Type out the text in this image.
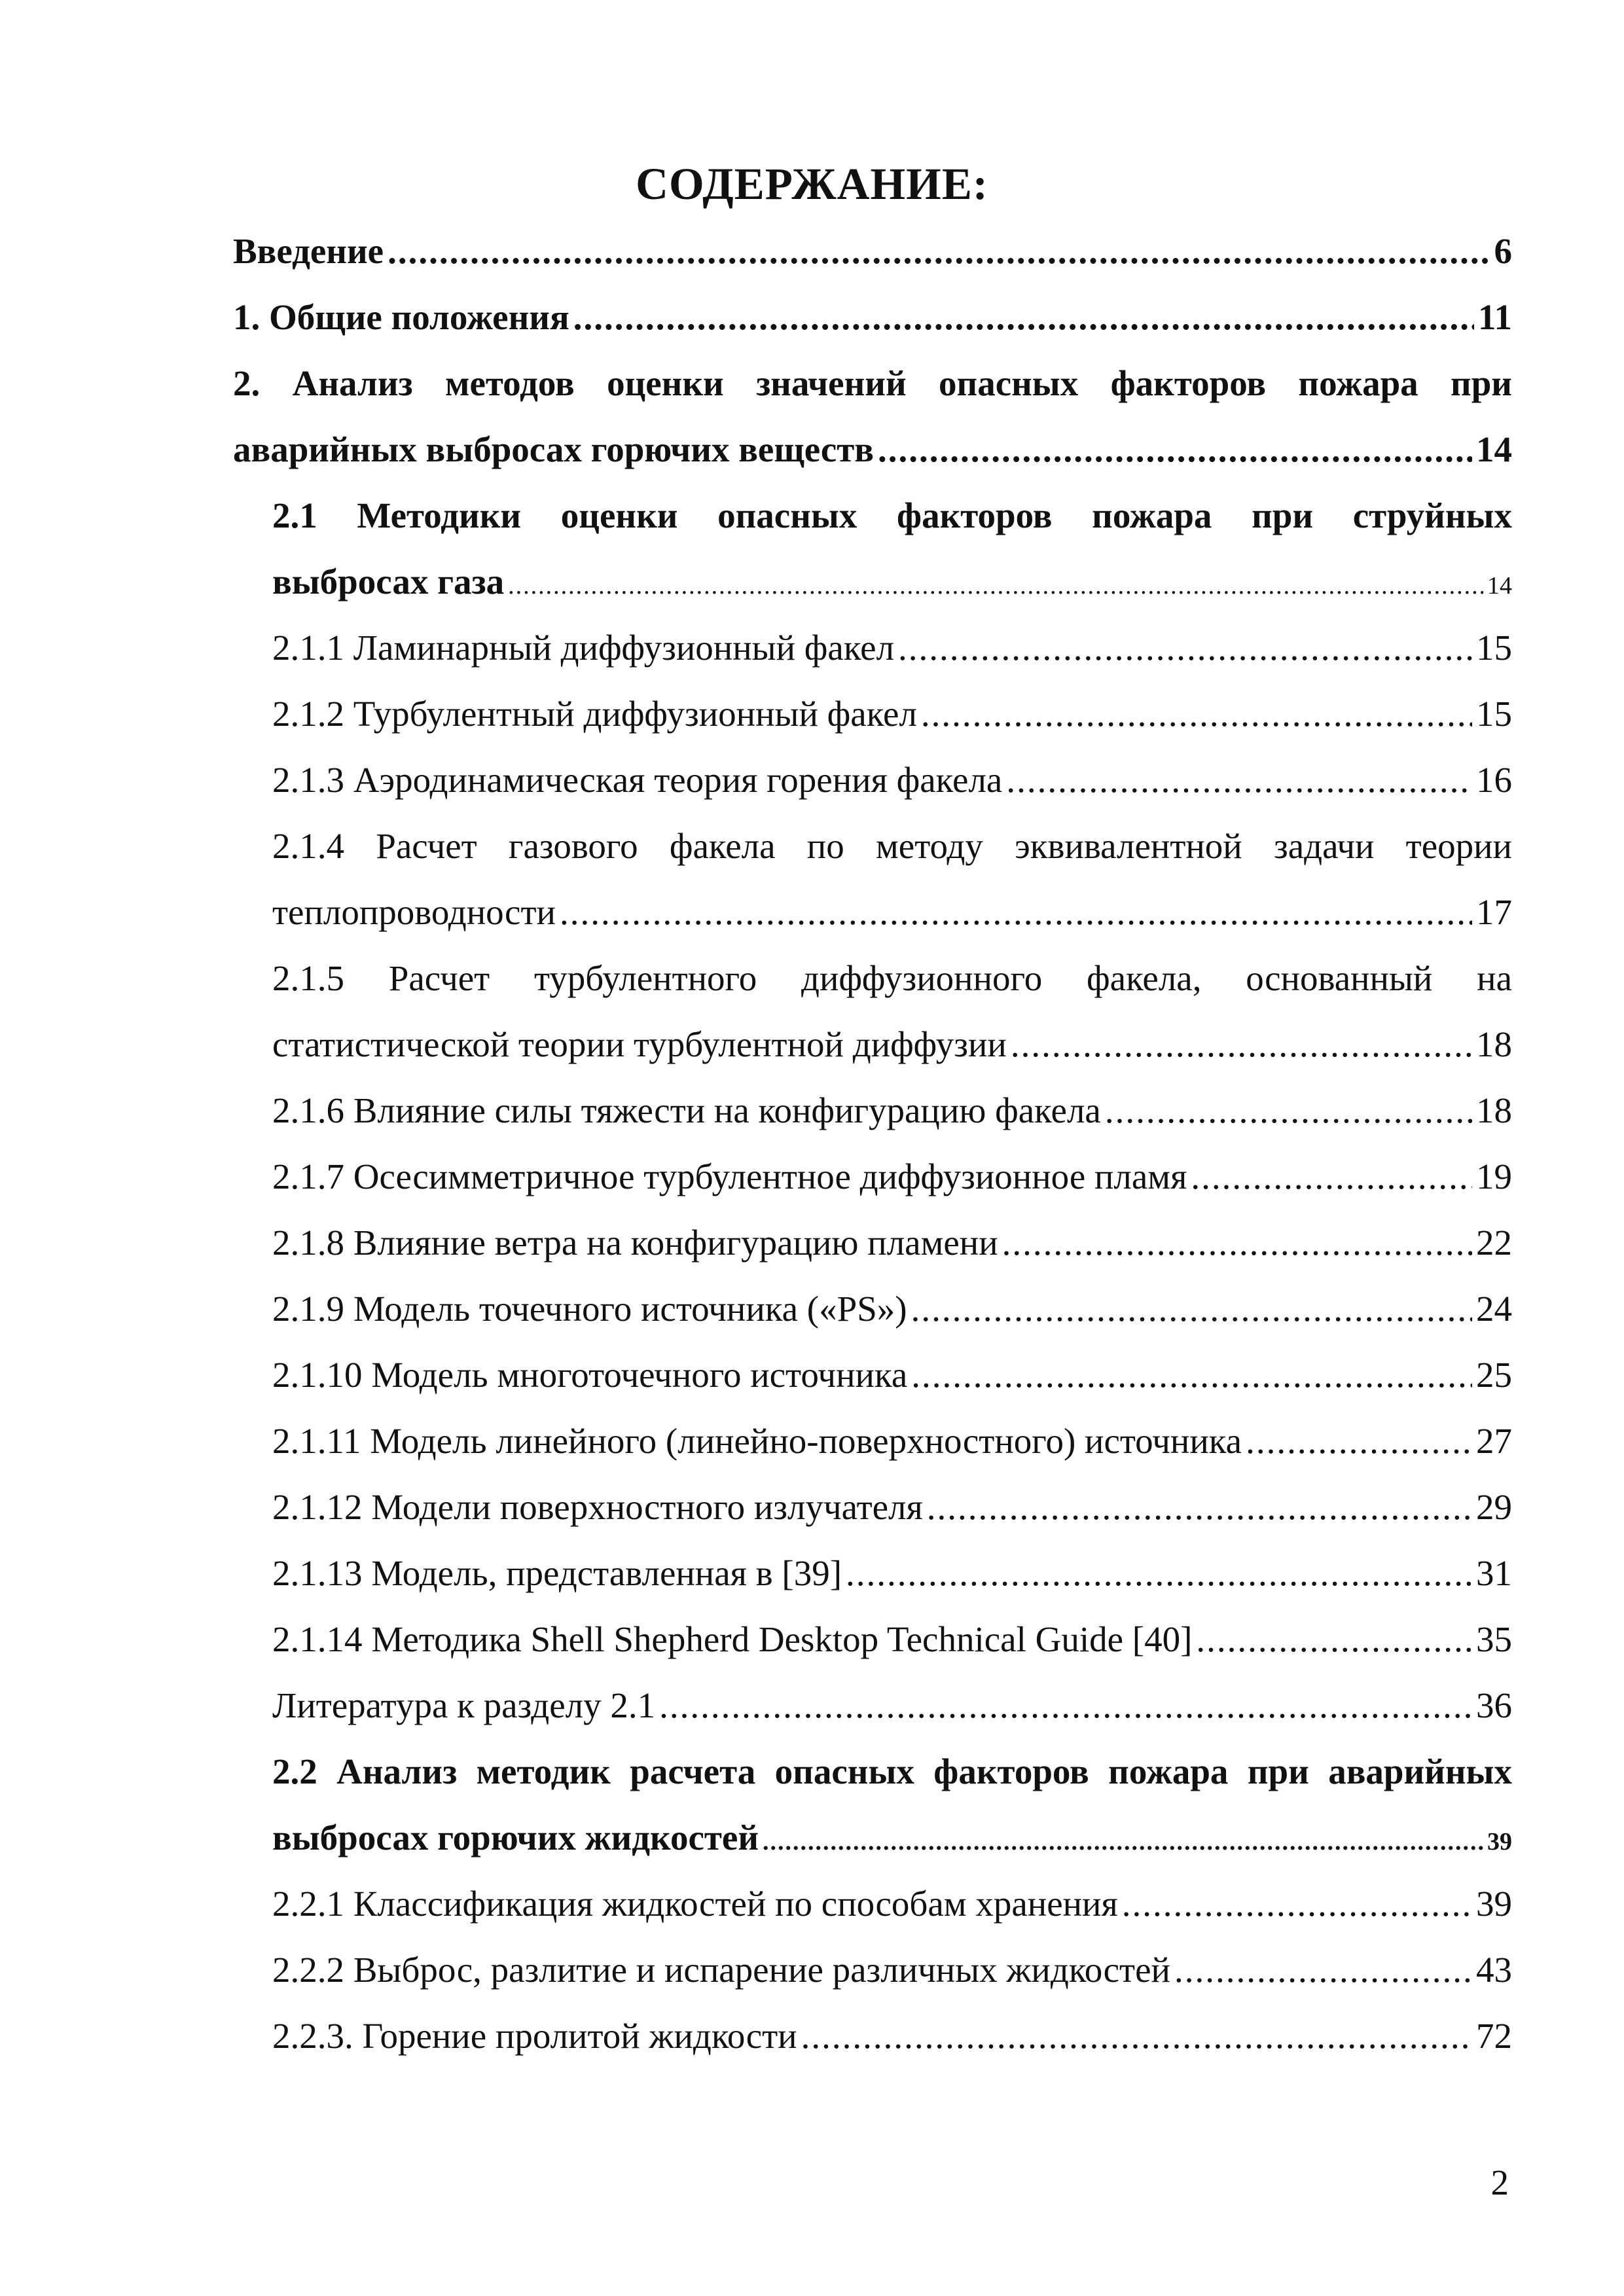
СОДЕРЖАНИЕ:
Введение .....	6
1. Общие положения .....	11
2. Анализ методов оценки значений опасных факторов пожара при
аварийных выбросах горючих веществ .....	14
2.1 Методики оценки опасных факторов пожара при струйных
выбросах газа .....	14
2.1.1 Ламинарный диффузионный факел .....	15
2.1.2 Турбулентный диффузионный факел .....	15
2.1.3 Аэродинамическая теория горения факела .....	16
2.1.4 Расчет газового факела по методу эквивалентной задачи теории
теплопроводности .....	17
2.1.5 Расчет турбулентного диффузионного факела, основанный на
статистической теории турбулентной диффузии .....	18
2.1.6 Влияние силы тяжести на конфигурацию факела .....	18
2.1.7 Осесимметричное турбулентное диффузионное пламя .....	19
2.1.8 Влияние ветра на конфигурацию пламени .....	22
2.1.9 Модель точечного источника («PS») .....	24
2.1.10 Модель многоточечного источника .....	25
2.1.11 Модель линейного (линейно-поверхностного) источника .....	27
2.1.12 Модели поверхностного излучателя .....	29
2.1.13 Модель, представленная в [39] .....	31
2.1.14 Методика Shell Shepherd Desktop Technical Guide [40] .....	35
Литература к разделу 2.1 .....	36
2.2 Анализ методик расчета опасных факторов пожара при аварийных
выбросах горючих жидкостей .....	39
2.2.1 Классификация жидкостей по способам хранения .....	39
2.2.2 Выброс, разлитие и испарение различных жидкостей .....	43
2.2.3. Горение пролитой жидкости .....	72
2
